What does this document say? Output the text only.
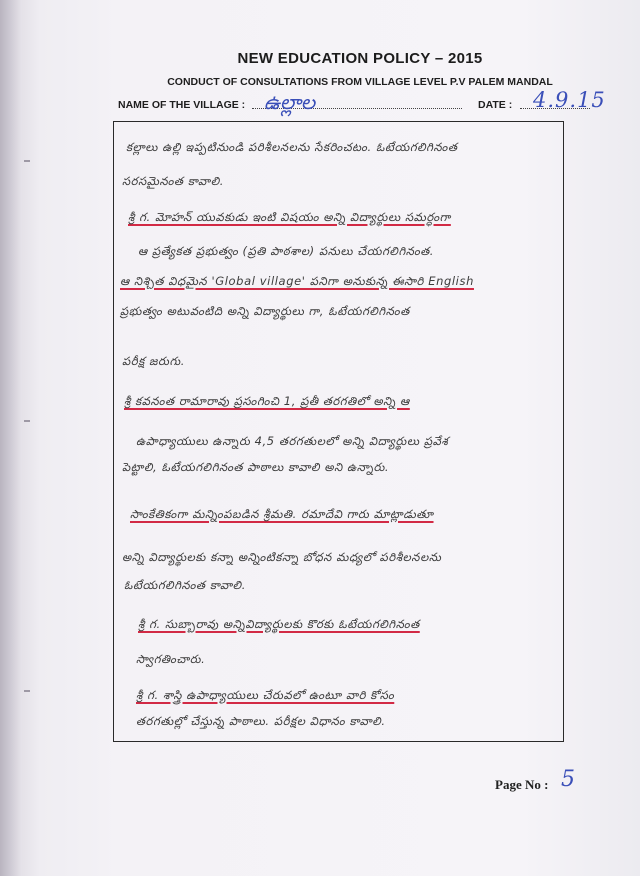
NEW EDUCATION POLICY – 2015
CONDUCT OF CONSULTATIONS FROM VILLAGE LEVEL P.V PALEM MANDAL
NAME OF THE VILLAGE : ఉల్లాల	DATE : 4.9.15
కల్లాలు ఉల్లి ఇప్పటినుండి పరిశీలనలను సేకరించటం. ఓటేయగలిగినంత
సరసమైనంత కావాలి.
శ్రీ గ. మోహన్ యువకుడు ఇంటి విషయం అన్ని విద్యార్థులు సమర్ధంగా
ఆ ప్రత్యేకత ప్రభుత్వం (ప్రతి పాఠశాల) పనులు చేయగలిగినంత.
ఆ నిశ్చిత విధమైన 'Global village' పనిగా అనుకున్న ఈసారి English
ప్రభుత్వం అటువంటిది అన్ని విద్యార్థులు గా, ఓటేయగలిగినంత
పరీక్ష జరుగు.
శ్రీ కవనంత రామారావు ప్రసంగించి 1, ప్రతీ తరగతిలో అన్ని ఆ
ఉపాధ్యాయులు ఉన్నారు 4,5 తరగతులలో అన్ని విద్యార్థులు ప్రవేశ
పెట్టాలి, ఓటేయగలిగినంత పాఠాలు కావాలి అని ఉన్నారు.
సాంకేతికంగా మన్నింపబడిన శ్రీమతి. రమాదేవి గారు మాట్లాడుతూ
అన్ని విద్యార్థులకు కన్నా అన్నింటికన్నా బోధన మధ్యలో పరిశీలనలను
ఓటేయగలిగినంత కావాలి.
శ్రీ గ. సుబ్బారావు అన్నివిద్యార్థులకు కొరకు ఓటేయగలిగినంత
స్వాగతించారు.
శ్రీ గ. శాస్త్రి ఉపాధ్యాయులు చేరువలో ఉంటూ వారి కోసం
తరగతుల్లో చేస్తున్న పాఠాలు. పరీక్షల విధానం కావాలి.
Page No : 5
